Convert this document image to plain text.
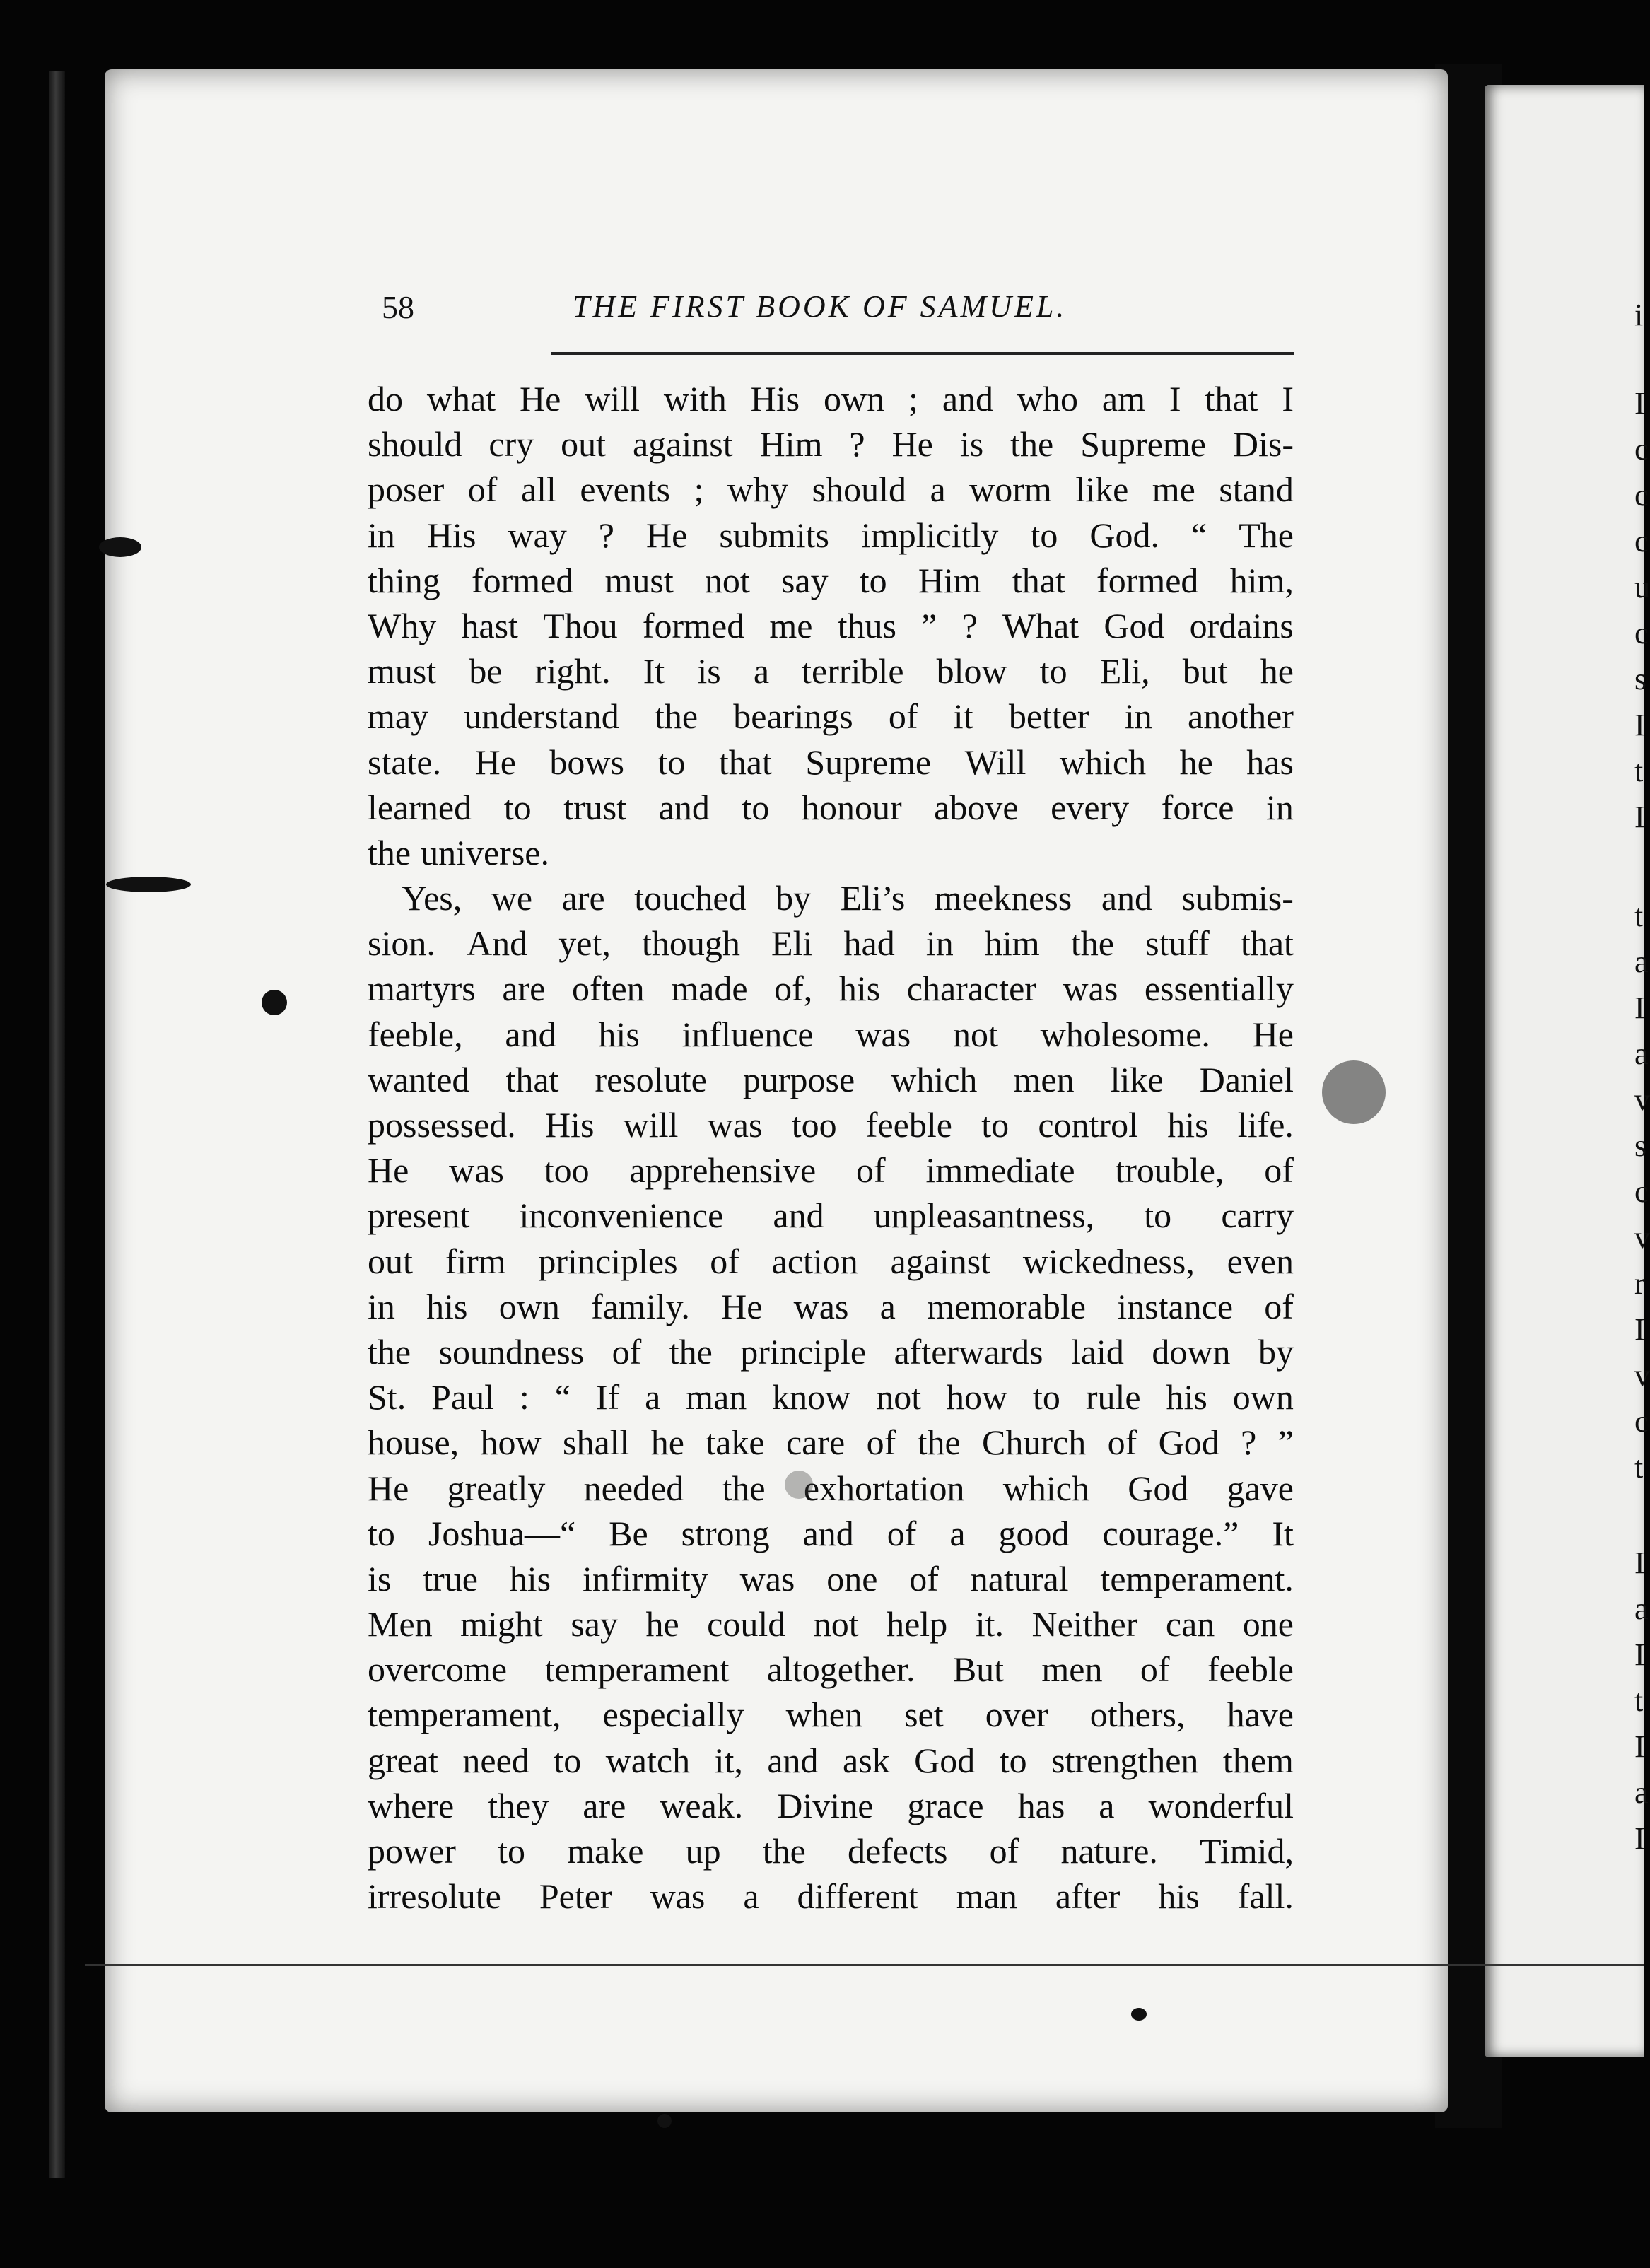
58	THE FIRST BOOK OF SAMUEL.
do what He will with His own ; and who am I that I
should cry out against Him ? He is the Supreme Dis-
poser of all events ; why should a worm like me stand
in His way ? He submits implicitly to God. “ The
thing formed must not say to Him that formed him,
Why hast Thou formed me thus ” ? What God ordains
must be right. It is a terrible blow to Eli, but he
may understand the bearings of it better in another
state. He bows to that Supreme Will which he has
learned to trust and to honour above every force in
the universe.
Yes, we are touched by Eli’s meekness and submis-
sion. And yet, though Eli had in him the stuff that
martyrs are often made of, his character was essentially
feeble, and his influence was not wholesome. He
wanted that resolute purpose which men like Daniel
possessed. His will was too feeble to control his life.
He was too apprehensive of immediate trouble, of
present inconvenience and unpleasantness, to carry
out firm principles of action against wickedness, even
in his own family. He was a memorable instance of
the soundness of the principle afterwards laid down by
St. Paul : “ If a man know not how to rule his own
house, how shall he take care of the Church of God ? ”
He greatly needed the exhortation which God gave
to Joshua—“ Be strong and of a good courage.” It
is true his infirmity was one of natural temperament.
Men might say he could not help it. Neither can one
overcome temperament altogether. But men of feeble
temperament, especially when set over others, have
great need to watch it, and ask God to strengthen them
where they are weak. Divine grace has a wonderful
power to make up the defects of nature. Timid,
irresolute Peter was a different man after his fall.
i
I
c
c
c
u
c
s
I
t
I
t
a
I
a
v
s
c
v
r
I
v
c
t
I
a
I
t
I
a
I
